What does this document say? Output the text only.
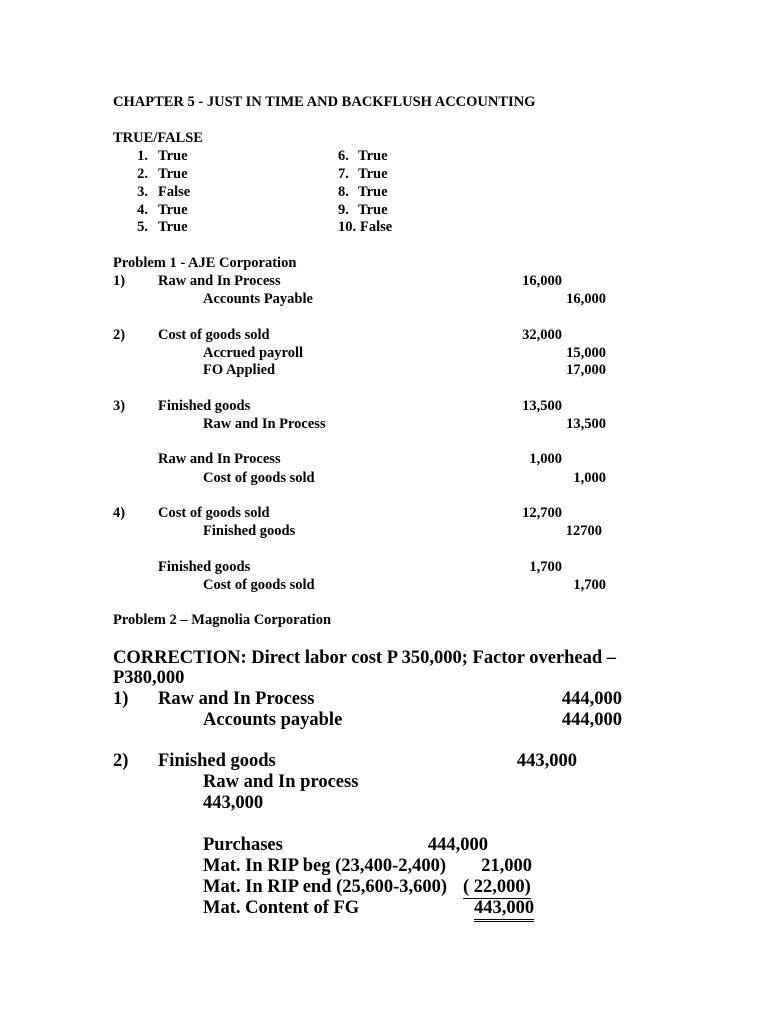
CHAPTER 5 - JUST IN TIME AND BACKFLUSH ACCOUNTING
TRUE/FALSE
1. True
2. True
3. False
4. True
5. True
6. True
7. True
8. True
9. True
10. False
Problem 1 - AJE Corporation
1) Raw and In Process	16,000
Accounts Payable	16,000
2) Cost of goods sold	32,000
Accrued payroll	15,000
FO Applied	17,000
3) Finished goods	13,500
Raw and In Process	13,500
Raw and In Process	1,000
Cost of goods sold	1,000
4) Cost of goods sold	12,700
Finished goods	12700
Finished goods	1,700
Cost of goods sold	1,700
Problem 2 – Magnolia Corporation
CORRECTION: Direct labor cost P 350,000; Factor overhead –
P380,000
1) Raw and In Process	444,000
Accounts payable	444,000
2) Finished goods	443,000
Raw and In process
443,000
Purchases	444,000
Mat. In RIP beg (23,400-2,400)	21,000
Mat. In RIP end (25,600-3,600) ( 22,000)
Mat. Content of FG	443,000
